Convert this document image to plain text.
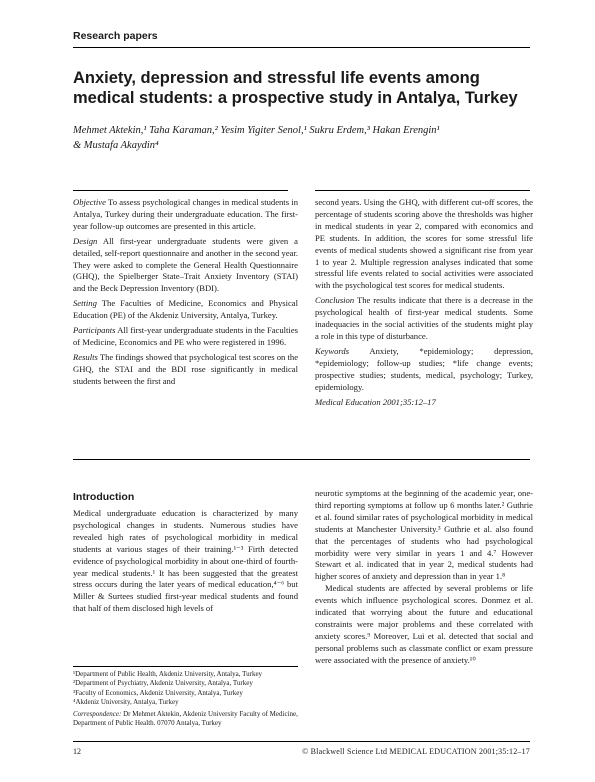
Research papers
Anxiety, depression and stressful life events among medical students: a prospective study in Antalya, Turkey
Mehmet Aktekin,¹ Taha Karaman,² Yesim Yigiter Senol,¹ Sukru Erdem,³ Hakan Erengin¹
& Mustafa Akaydin⁴

Objective To assess psychological changes in medical students in Antalya, Turkey during their undergraduate education. The first-year follow-up outcomes are presented in this article.

Design All first-year undergraduate students were given a detailed, self-report questionnaire and another in the second year. They were asked to complete the General Health Questionnaire (GHQ), the Spielberger State–Trait Anxiety Inventory (STAI) and the Beck Depression Inventory (BDI).

Setting The Faculties of Medicine, Economics and Physical Education (PE) of the Akdeniz University, Antalya, Turkey.

Participants All first-year undergraduate students in the Faculties of Medicine, Economics and PE who were registered in 1996.

Results The findings showed that psychological test scores on the GHQ, the STAI and the BDI rose significantly in medical students between the first and

second years. Using the GHQ, with different cut-off scores, the percentage of students scoring above the thresholds was higher in medical students in year 2, compared with economics and PE students. In addition, the scores for some stressful life events of medical students showed a significant rise from year 1 to year 2. Multiple regression analyses indicated that some stressful life events related to social activities were associated with the psychological test scores for medical students.

Conclusion The results indicate that there is a decrease in the psychological health of first-year medical students. Some inadequacies in the social activities of the students might play a role in this type of disturbance.

Keywords Anxiety, *epidemiology; depression, *epidemiology; follow-up studies; *life change events; prospective studies; students, medical, psychology; Turkey, epidemiology.

Medical Education 2001;35:12–17

Introduction

Medical undergraduate education is characterized by many psychological changes in students. Numerous studies have revealed high rates of psychological morbidity in medical students at various stages of their training.¹⁻³ Firth detected evidence of psychological morbidity in about one-third of fourth-year medical students.¹ It has been suggested that the greatest stress occurs during the later years of medical education,⁴⁻⁶ but Miller & Surtees studied first-year medical students and found that half of them disclosed high levels of

neurotic symptoms at the beginning of the academic year, one-third reporting symptoms at follow up 6 months later.² Guthrie et al. found similar rates of psychological morbidity in medical students at Manchester University.³ Guthrie et al. also found that the percentages of students who had psychological morbidity were very similar in years 1 and 4.⁷ However Stewart et al. indicated that in year 2, medical students had higher scores of anxiety and depression than in year 1.⁸

Medical students are affected by several problems or life events which influence psychological scores. Donmez et al. indicated that worrying about the future and educational constraints were major problems and these correlated with anxiety scores.⁹ Moreover, Lui et al. detected that social and personal problems such as classmate conflict or exam pressure were associated with the presence of anxiety.¹⁰

¹Department of Public Health, Akdeniz University, Antalya, Turkey
²Department of Psychiatry, Akdeniz University, Antalya, Turkey
³Faculty of Economics, Akdeniz University, Antalya, Turkey
⁴Akdeniz University, Antalya, Turkey
Correspondence: Dr Mehmet Aktekin, Akdeniz University Faculty of Medicine, Department of Public Health. 07070 Antalya, Turkey
12	© Blackwell Science Ltd MEDICAL EDUCATION 2001;35:12–17
